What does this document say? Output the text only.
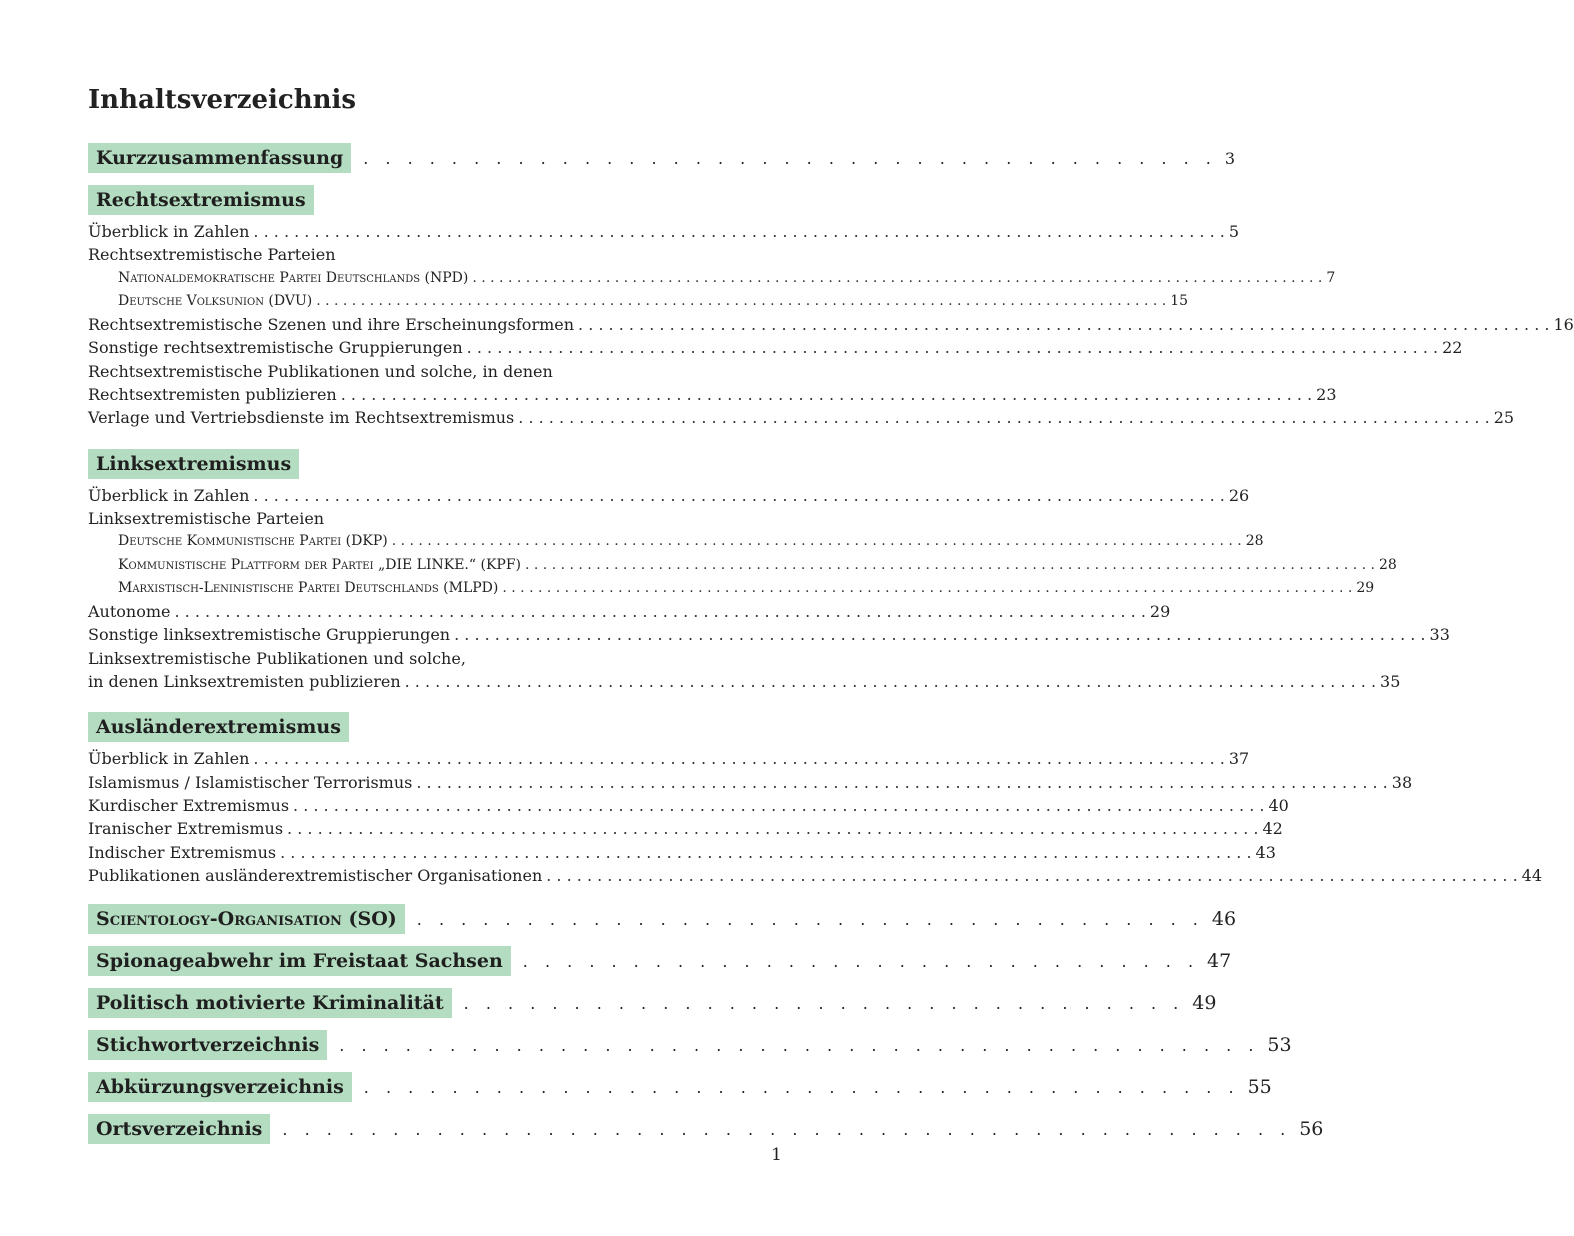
Inhaltsverzeichnis
Kurzzusammenfassung	. . . . . . . . . . . . . . . . . . . . . . . . . . . . . . . . . . . . . . . 3
Rechtsextremismus
Überblick in Zahlen . . .	5
Rechtsextremistische Parteien
Nationaldemokratische Partei Deutschlands (NPD) . . .	7
Deutsche Volksunion (DVU) . . .	15
Rechtsextremistische Szenen und ihre Erscheinungsformen . . .	16
Sonstige rechtsextremistische Gruppierungen . . .	22
Rechtsextremistische Publikationen und solche, in denen
Rechtsextremisten publizieren . . .	23
Verlage und Vertriebsdienste im Rechtsextremismus . . .	25
Linksextremismus
Überblick in Zahlen . . .	26
Linksextremistische Parteien
Deutsche Kommunistische Partei (DKP) . . .	28
Kommunistische Plattform der Partei „DIE LINKE.“ (KPF) . . .	28
Marxistisch-Leninistische Partei Deutschlands (MLPD) . . .	29
Autonome . . .	29
Sonstige linksextremistische Gruppierungen . . .	33
Linksextremistische Publikationen und solche,
in denen Linksextremisten publizieren . . .	35
Ausländerextremismus
Überblick in Zahlen . . .	37
Islamismus / Islamistischer Terrorismus . . .	38
Kurdischer Extremismus . . .	40
Iranischer Extremismus . . .	42
Indischer Extremismus . . .	43
Publikationen ausländerextremistischer Organisationen . . .	44
Scientology-Organisation (SO)	. . . . . . . . . . . . . . . . . . . . . . . . . . . . . . . . . . . . 46
Spionageabwehr im Freistaat Sachsen	. . . . . . . . . . . . . . . . . . . . . . . . . . . . . . . 47
Politisch motivierte Kriminalität	. . . . . . . . . . . . . . . . . . . . . . . . . . . . . . . . . 49
Stichwortverzeichnis	. . . . . . . . . . . . . . . . . . . . . . . . . . . . . . . . . . . . . . . . . . 53
Abkürzungsverzeichnis	. . . . . . . . . . . . . . . . . . . . . . . . . . . . . . . . . . . . . . . . 55
Ortsverzeichnis	. . . . . . . . . . . . . . . . . . . . . . . . . . . . . . . . . . . . . . . . . . . . . . 56
1
